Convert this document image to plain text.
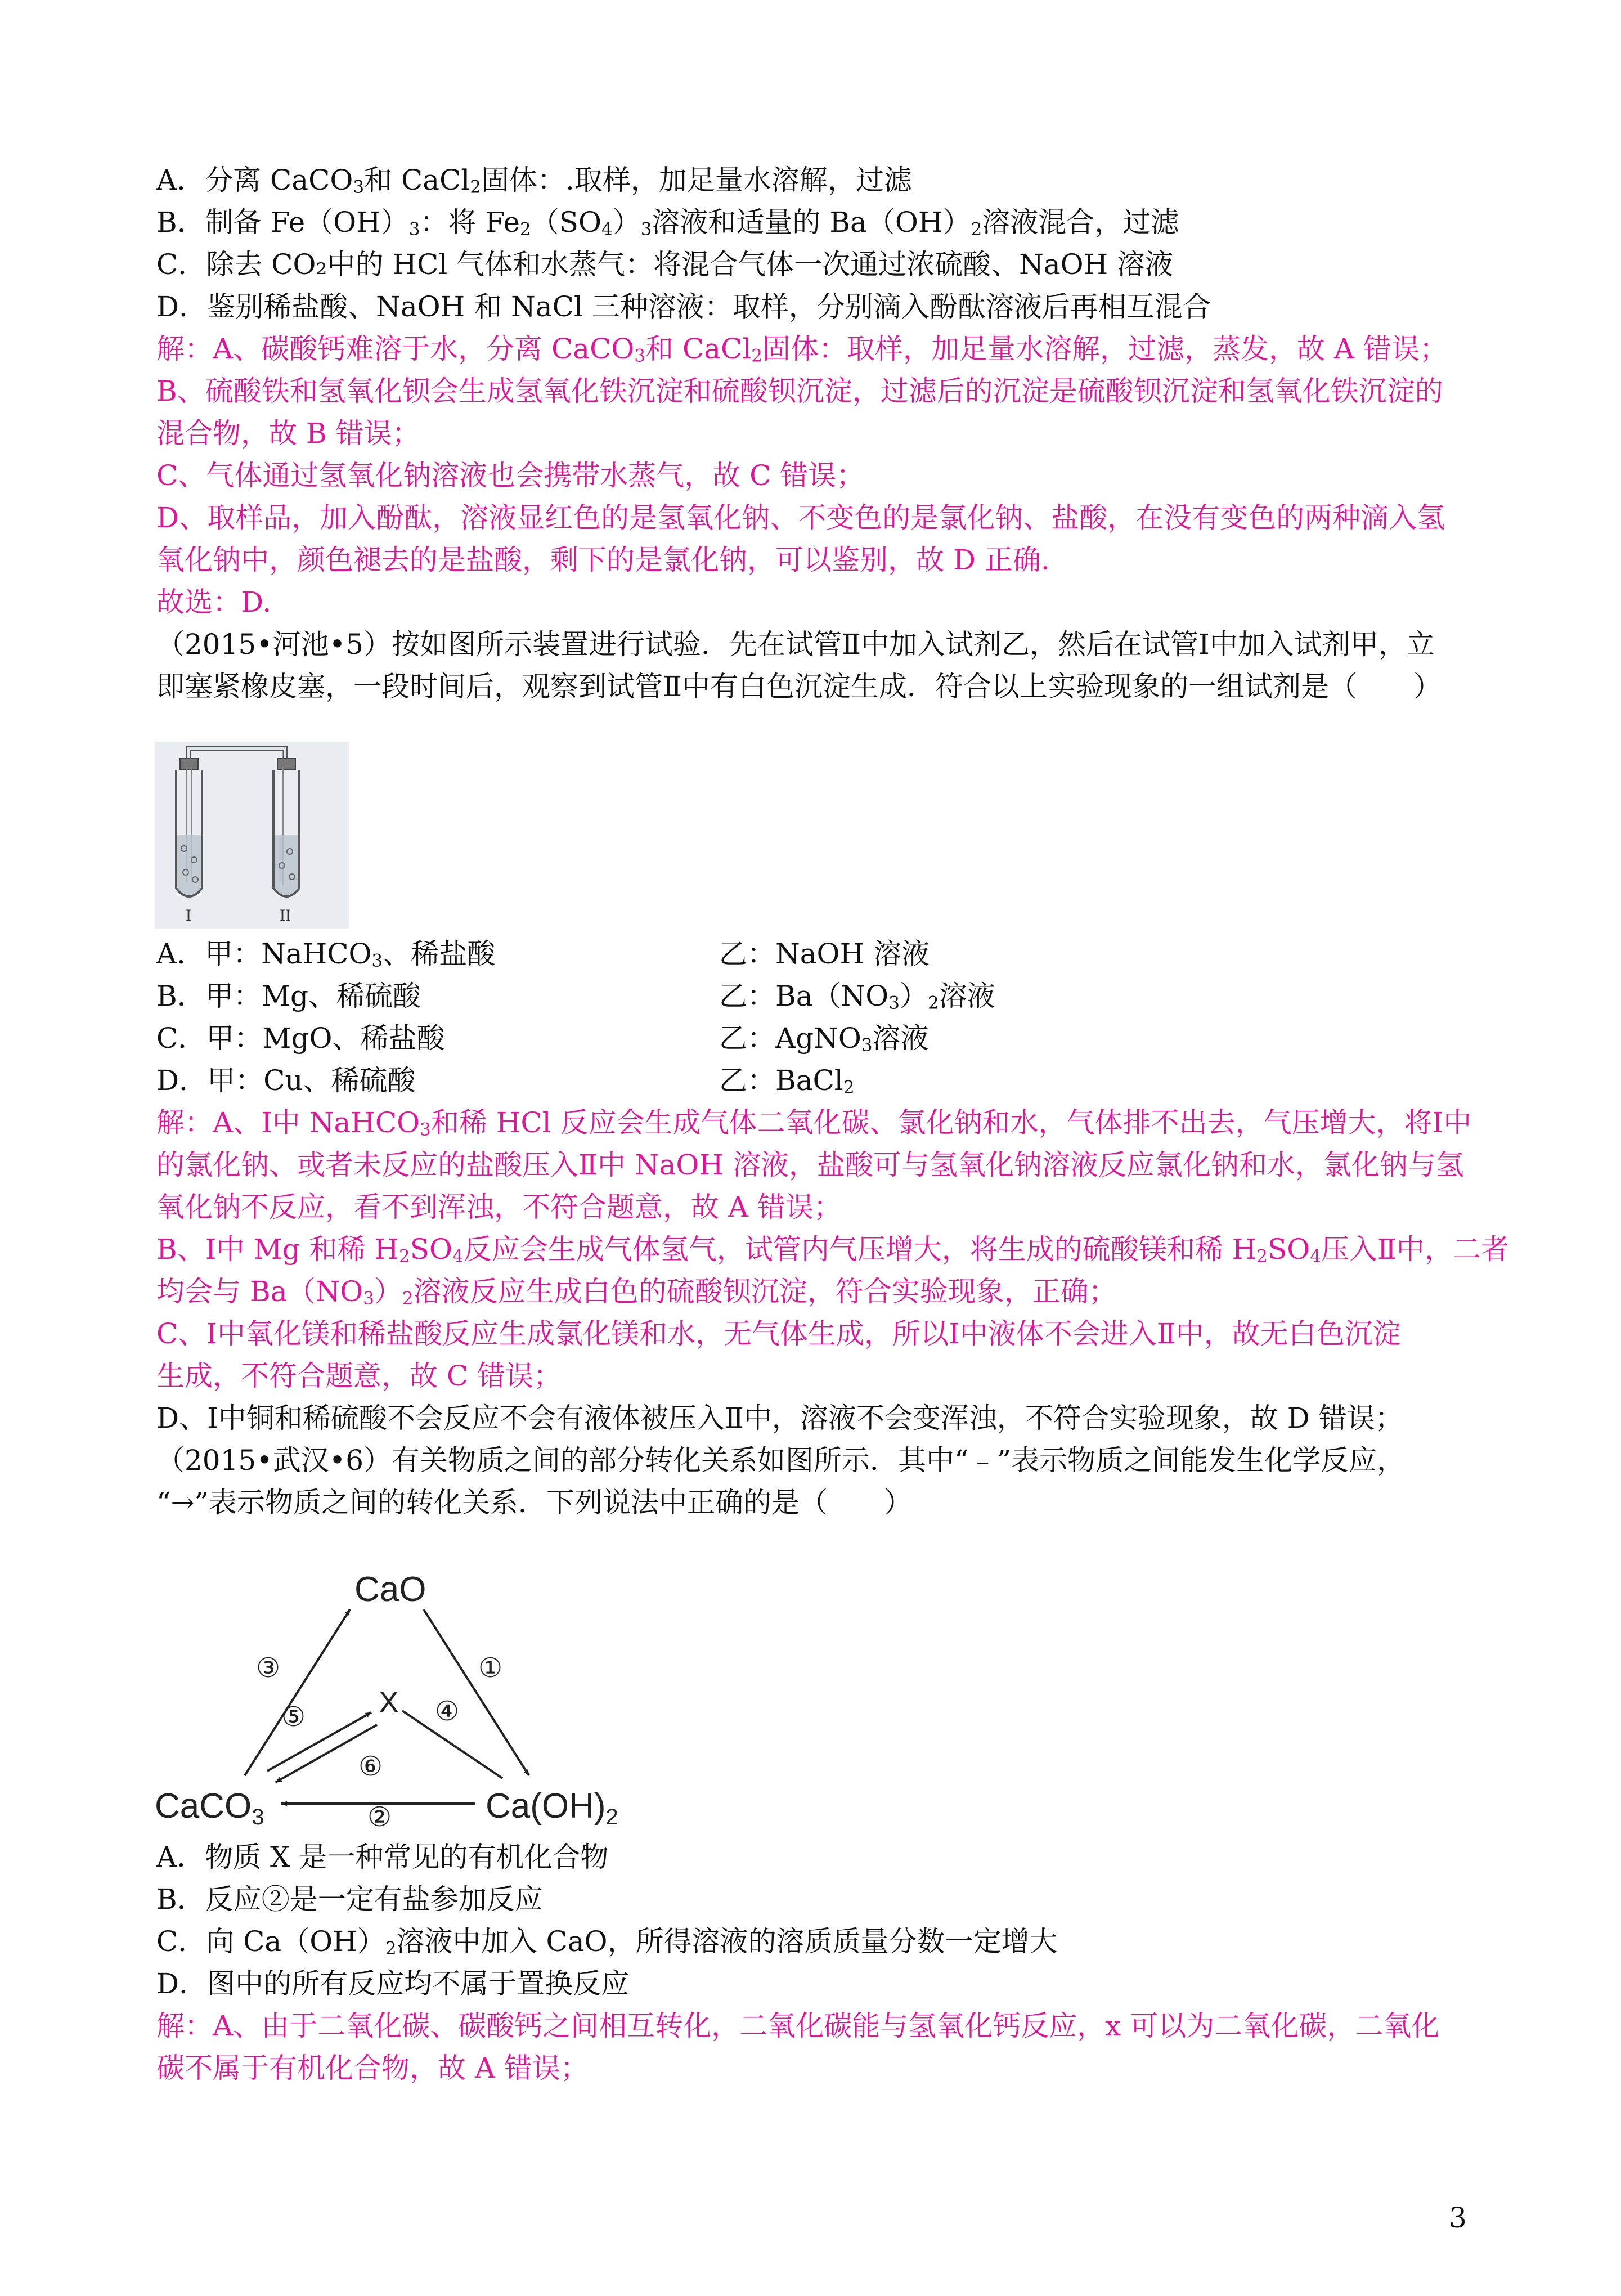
A．分离 CaCO$_3$和 CaCl$_2$固体：.取样，加足量水溶解，过滤
B．制备 $Fe(OH)_3$：将 $Fe_2(SO_4)_3$溶液和适量的 $Ba(OH)_2$溶液混合，过滤
C．除去 CO₂中的 HCl 气体和水蒸气：将混合气体一次通过浓硫酸、NaOH 溶液
D．鉴别稀盐酸、NaOH 和 NaCl 三种溶液：取样，分别滴入酚酞溶液后再相互混合
解：A、碳酸钙难溶于水，分离 CaCO$_3$和 CaCl$_2$固体：取样，加足量水溶解，过滤，蒸发，故 A 错误；
B、硫酸铁和氢氧化钡会生成氢氧化铁沉淀和硫酸钡沉淀，过滤后的沉淀是硫酸钡沉淀和氢氧化铁沉淀的
混合物，故 B 错误；
C、气体通过氢氧化钠溶液也会携带水蒸气，故 C 错误；
D、取样品，加入酚酞，溶液显红色的是氢氧化钠、不变色的是氯化钠、盐酸，在没有变色的两种滴入氢
氧化钠中，颜色褪去的是盐酸，剩下的是氯化钠，可以鉴别，故 D 正确.
故选：D.
（2015•河池•5）按如图所示装置进行试验．先在试管Ⅱ中加入试剂乙，然后在试管Ⅰ中加入试剂甲，立
即塞紧橡皮塞，一段时间后，观察到试管Ⅱ中有白色沉淀生成．符合以上实验现象的一组试剂是（　　）
I	II
A．甲：NaHCO$_3$、稀盐酸	乙：NaOH 溶液
B．甲：Mg、稀硫酸	乙：$Ba(NO_3)_2$溶液
C．甲：MgO、稀盐酸	乙：AgNO$_3$溶液
D．甲：Cu、稀硫酸	乙：BaCl$_2$
解：A、Ⅰ中 NaHCO$_3$和稀 HCl 反应会生成气体二氧化碳、氯化钠和水，气体排不出去，气压增大，将Ⅰ中
的氯化钠、或者未反应的盐酸压入Ⅱ中 NaOH 溶液，盐酸可与氢氧化钠溶液反应氯化钠和水，氯化钠与氢
氧化钠不反应，看不到浑浊，不符合题意，故 A 错误；
B、Ⅰ中 Mg 和稀 $H_2SO_4$反应会生成气体氢气，试管内气压增大，将生成的硫酸镁和稀 $H_2SO_4$压入Ⅱ中，二者
均会与 $Ba(NO_3)_2$溶液反应生成白色的硫酸钡沉淀，符合实验现象，正确；
C、Ⅰ中氧化镁和稀盐酸反应生成氯化镁和水，无气体生成，所以Ⅰ中液体不会进入Ⅱ中，故无白色沉淀
生成，不符合题意，故 C 错误；
D、Ⅰ中铜和稀硫酸不会反应不会有液体被压入Ⅱ中，溶液不会变浑浊，不符合实验现象，故 D 错误；
（2015•武汉•6）有关物质之间的部分转化关系如图所示．其中“﹣”表示物质之间能发生化学反应，
“→”表示物质之间的转化关系．下列说法中正确的是（　　）
CaO
X
CaCO3	Ca(OH)2
③	①
④
⑤
⑥
②
A．物质 X 是一种常见的有机化合物
B．反应②是一定有盐参加反应
C．向 $Ca(OH)_2$溶液中加入 CaO，所得溶液的溶质质量分数一定增大
D．图中的所有反应均不属于置换反应
解：A、由于二氧化碳、碳酸钙之间相互转化，二氧化碳能与氢氧化钙反应，x 可以为二氧化碳，二氧化
碳不属于有机化合物，故 A 错误；
3
